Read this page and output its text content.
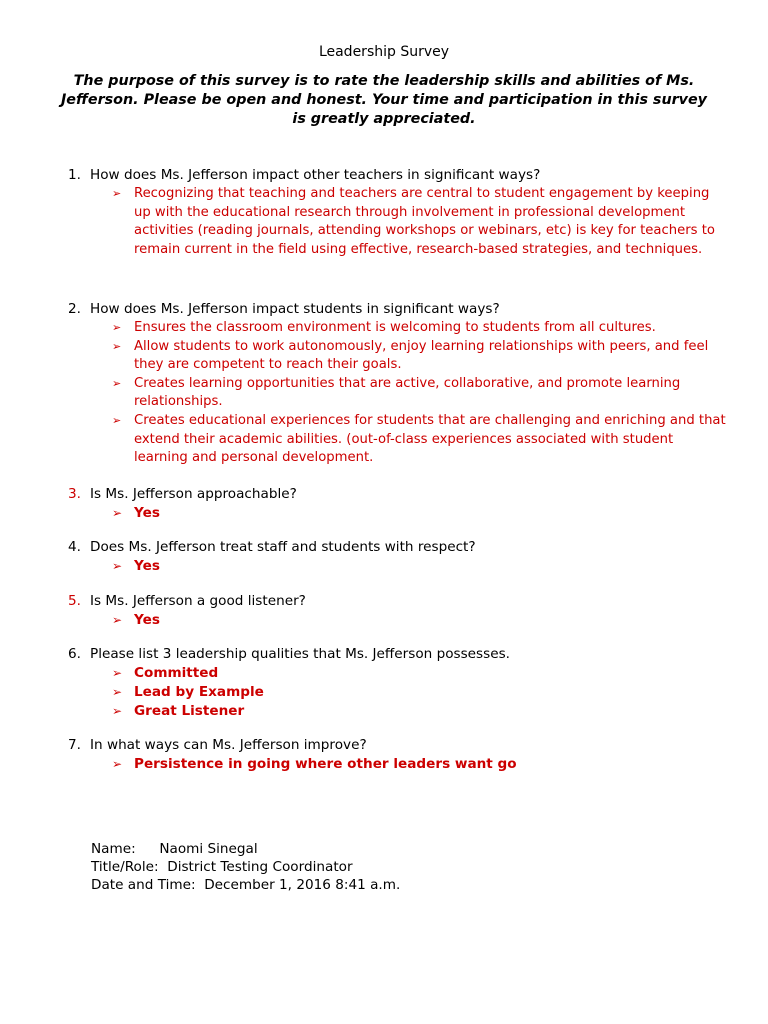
Leadership Survey
The purpose of this survey is to rate the leadership skills and abilities of Ms. Jefferson. Please be open and honest. Your time and participation in this survey is greatly appreciated.
1. How does Ms. Jefferson impact other teachers in significant ways?
➢ Recognizing that teaching and teachers are central to student engagement by keeping up with the educational research through involvement in professional development activities (reading journals, attending workshops or webinars, etc) is key for teachers to remain current in the field using effective, research-based strategies, and techniques.
2. How does Ms. Jefferson impact students in significant ways?
➢ Ensures the classroom environment is welcoming to students from all cultures.
➢ Allow students to work autonomously, enjoy learning relationships with peers, and feel they are competent to reach their goals.
➢ Creates learning opportunities that are active, collaborative, and promote learning relationships.
➢ Creates educational experiences for students that are challenging and enriching and that extend their academic abilities. (out-of-class experiences associated with student learning and personal development.
3. Is Ms. Jefferson approachable?
➢ Yes
4. Does Ms. Jefferson treat staff and students with respect?
➢ Yes
5. Is Ms. Jefferson a good listener?
➢ Yes
6. Please list 3 leadership qualities that Ms. Jefferson possesses.
➢ Committed
➢ Lead by Example
➢ Great Listener
7. In what ways can Ms. Jefferson improve?
➢ Persistence in going where other leaders want go
Name:  Naomi Sinegal
Title/Role:  District Testing Coordinator
Date and Time:  December 1, 2016 8:41 a.m.
